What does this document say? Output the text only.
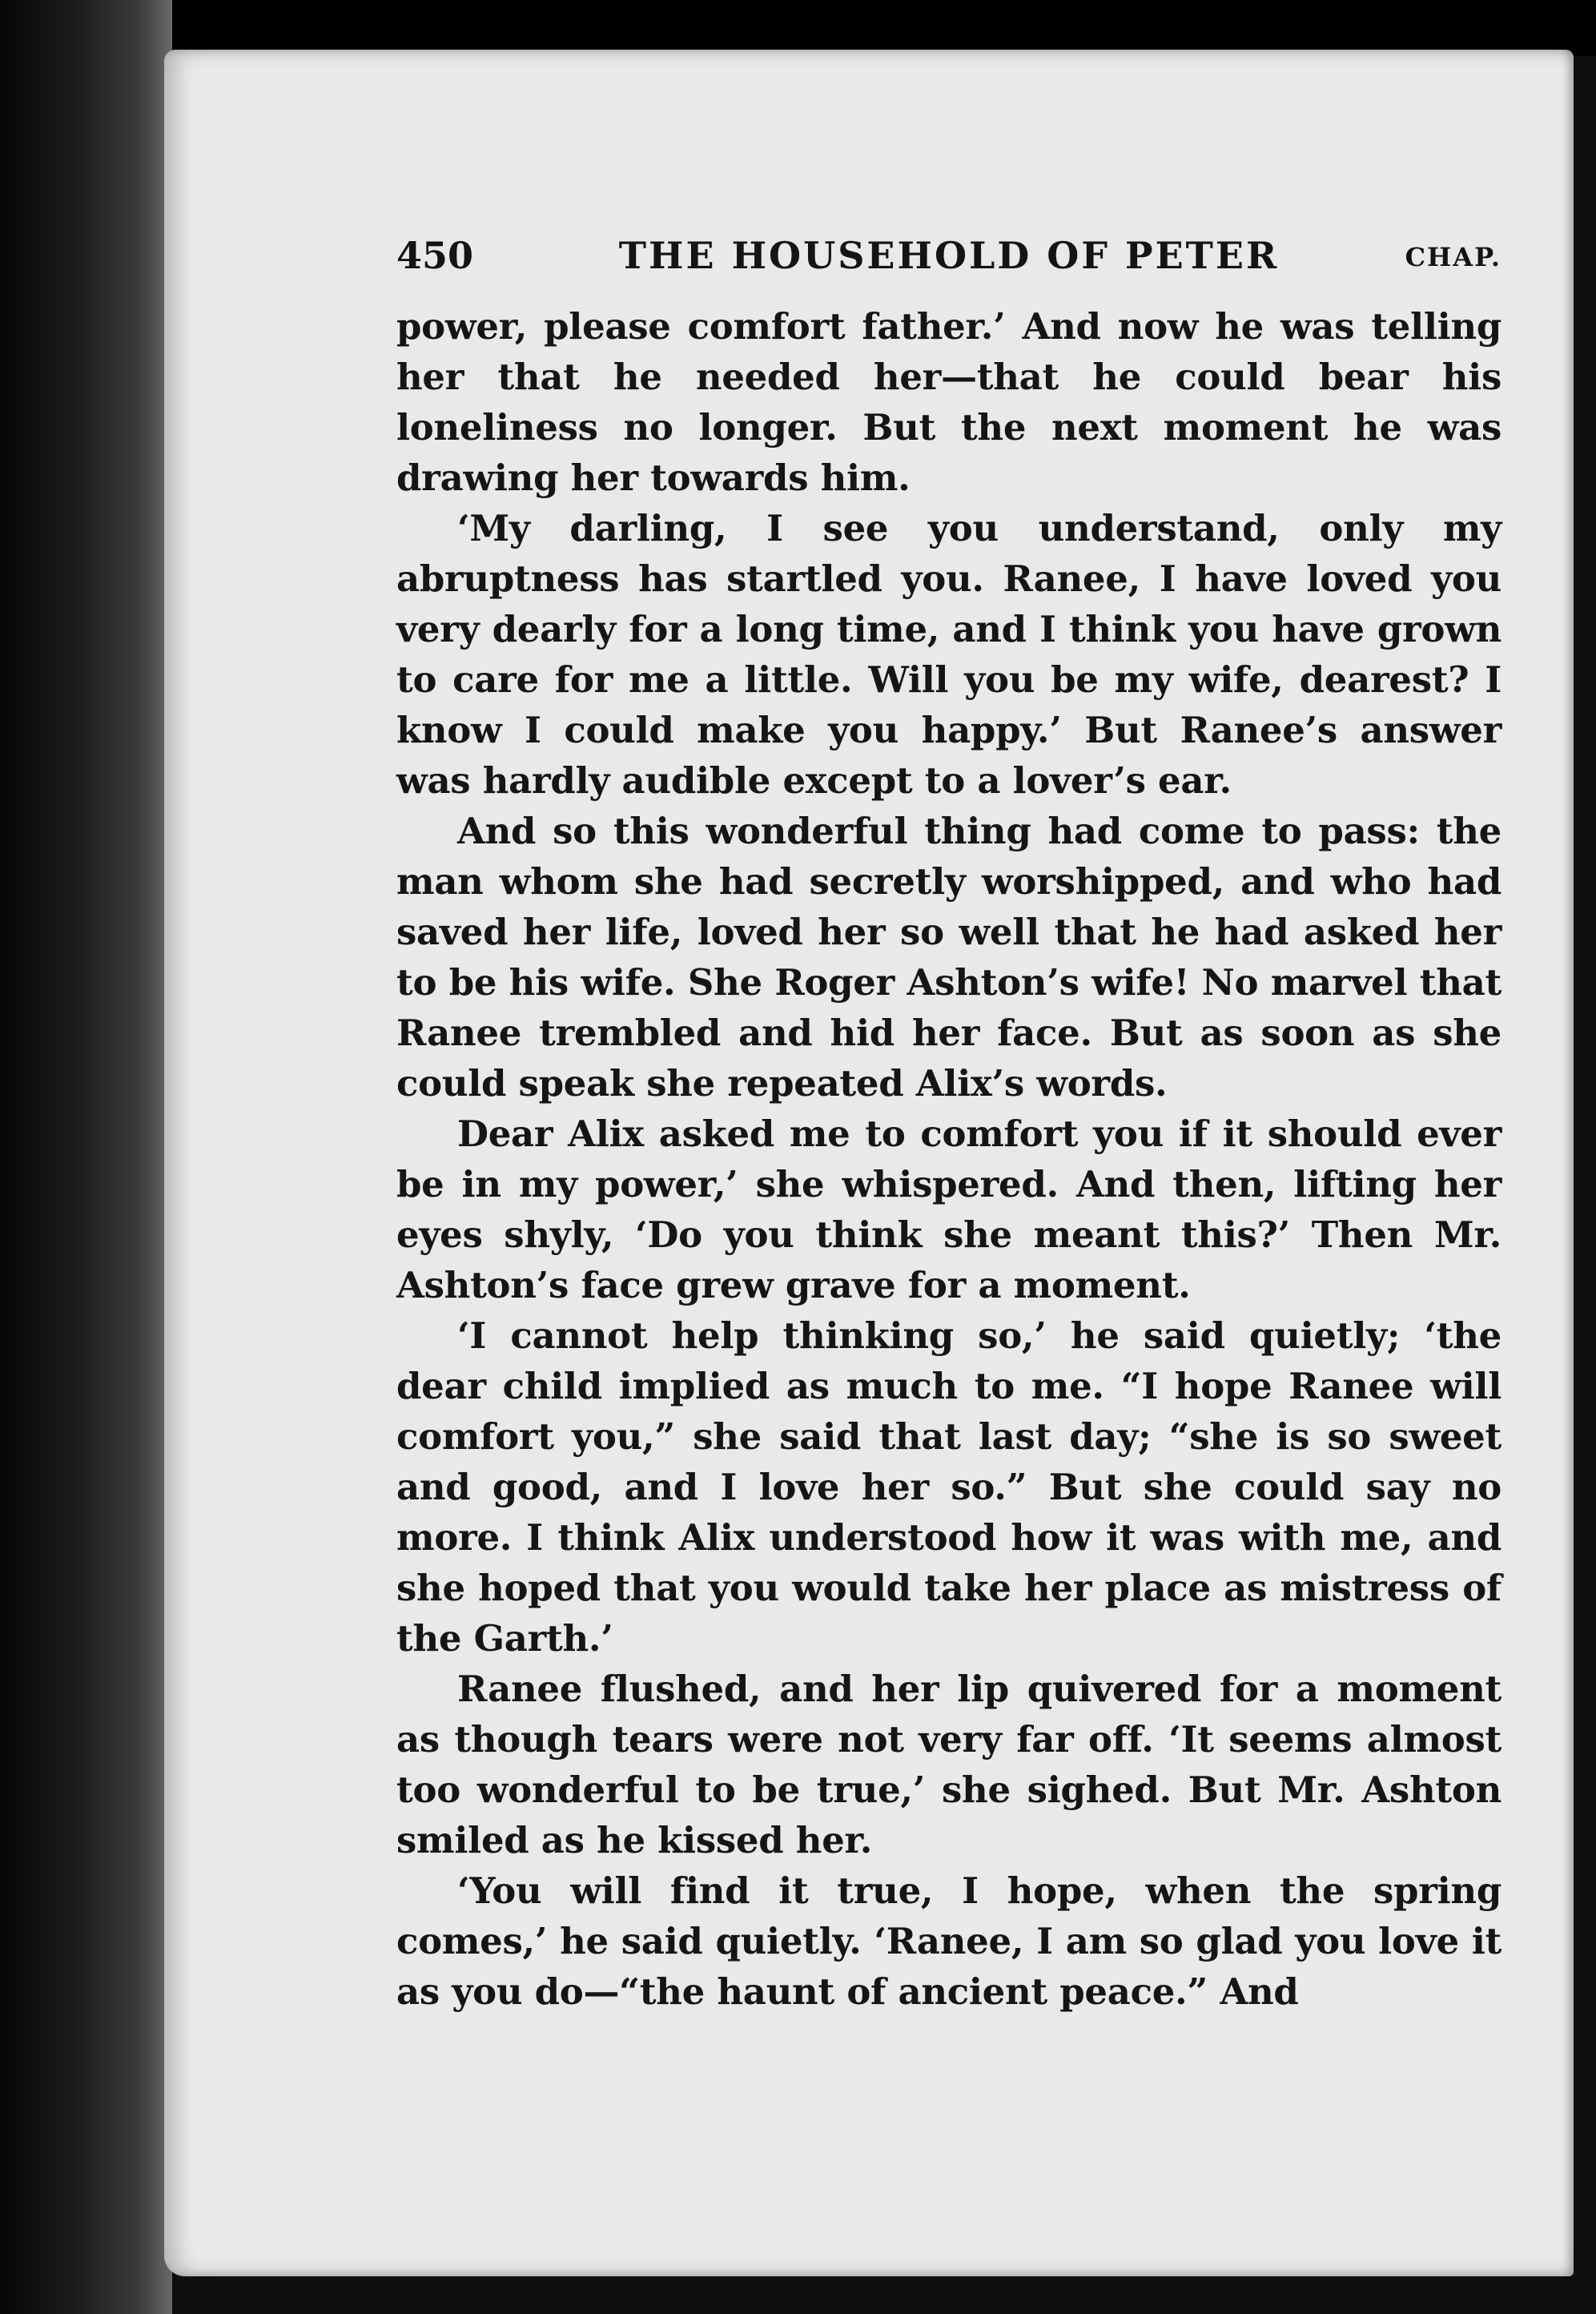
450	THE HOUSEHOLD OF PETER	CHAP.

power, please comfort father.’ And now he was telling her that he needed her—that he could bear his loneliness no longer. But the next moment he was drawing her towards him.

‘My darling, I see you understand, only my abruptness has startled you. Ranee, I have loved you very dearly for a long time, and I think you have grown to care for me a little. Will you be my wife, dearest? I know I could make you happy.’ But Ranee’s answer was hardly audible except to a lover’s ear.

And so this wonderful thing had come to pass: the man whom she had secretly worshipped, and who had saved her life, loved her so well that he had asked her to be his wife. She Roger Ashton’s wife! No marvel that Ranee trembled and hid her face. But as soon as she could speak she repeated Alix’s words.

Dear Alix asked me to comfort you if it should ever be in my power,’ she whispered. And then, lifting her eyes shyly, ‘Do you think she meant this?’ Then Mr. Ashton’s face grew grave for a moment.

‘I cannot help thinking so,’ he said quietly; ‘the dear child implied as much to me. “I hope Ranee will comfort you,” she said that last day; “she is so sweet and good, and I love her so.” But she could say no more. I think Alix understood how it was with me, and she hoped that you would take her place as mistress of the Garth.’

Ranee flushed, and her lip quivered for a moment as though tears were not very far off. ‘It seems almost too wonderful to be true,’ she sighed. But Mr. Ashton smiled as he kissed her.

‘You will find it true, I hope, when the spring comes,’ he said quietly. ‘Ranee, I am so glad you love it as you do—“the haunt of ancient peace.” And
